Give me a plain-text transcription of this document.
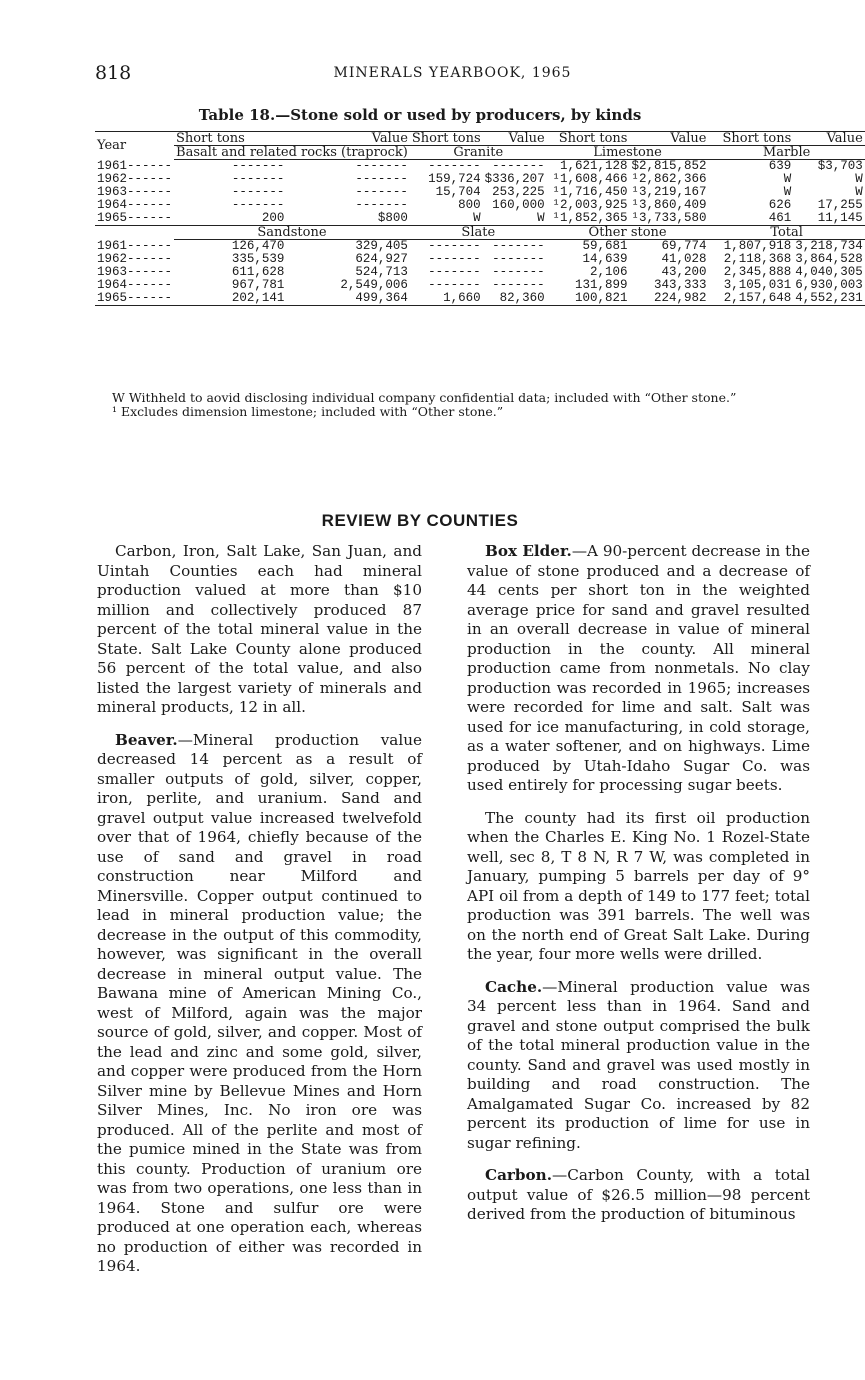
818	MINERALS YEARBOOK, 1965
Table 18.—Stone sold or used by producers, by kinds
Year	Short tons	Value	Short tons	Value	Short tons	Value	Short tons	Value
	Basalt and related rocks (traprock)		Granite		Limestone		Marble	
1961------	-------	-------	-------	-------	1,621,128	$2,815,852	639	$3,703
1962------	-------	-------	159,724	$336,207	¹1,608,466	¹2,862,366	W	W
1963------	-------	-------	15,704	253,225	¹1,716,450	¹3,219,167	W	W
1964------	-------	-------	800	160,000	¹2,003,925	¹3,860,409	626	17,255
1965------	200	$800	W	W	¹1,852,365	¹3,733,580	461	11,145
	Sandstone		Slate		Other stone		Total	
1961------	126,470	329,405	-------	-------	59,681	69,774	1,807,918	3,218,734
1962------	335,539	624,927	-------	-------	14,639	41,028	2,118,368	3,864,528
1963------	611,628	524,713	-------	-------	2,106	43,200	2,345,888	4,040,305
1964------	967,781	2,549,006	-------	-------	131,899	343,333	3,105,031	6,930,003
1965------	202,141	499,364	1,660	82,360	100,821	224,982	2,157,648	4,552,231
W Withheld to aovid disclosing individual company confidential data; included with “Other stone.”
¹ Excludes dimension limestone; included with “Other stone.”
REVIEW BY COUNTIES

Carbon, Iron, Salt Lake, San Juan, and Uintah Counties each had mineral production valued at more than $10 million and collectively produced 87 percent of the total mineral value in the State. Salt Lake County alone produced 56 percent of the total value, and also listed the largest variety of minerals and mineral products, 12 in all.

Beaver.—Mineral production value decreased 14 percent as a result of smaller outputs of gold, silver, copper, iron, perlite, and uranium. Sand and gravel output value increased twelvefold over that of 1964, chiefly because of the use of sand and gravel in road construction near Milford and Minersville. Copper output continued to lead in mineral production value; the decrease in the output of this commodity, however, was significant in the overall decrease in mineral output value. The Bawana mine of American Mining Co., west of Milford, again was the major source of gold, silver, and copper. Most of the lead and zinc and some gold, silver, and copper were produced from the Horn Silver mine by Bellevue Mines and Horn Silver Mines, Inc. No iron ore was produced. All of the perlite and most of the pumice mined in the State was from this county. Production of uranium ore was from two operations, one less than in 1964. Stone and sulfur ore were produced at one operation each, whereas no production of either was recorded in 1964.

Box Elder.—A 90-percent decrease in the value of stone produced and a decrease of 44 cents per short ton in the weighted average price for sand and gravel resulted in an overall decrease in value of mineral production in the county. All mineral production came from nonmetals. No clay production was recorded in 1965; increases were recorded for lime and salt. Salt was used for ice manufacturing, in cold storage, as a water softener, and on highways. Lime produced by Utah-Idaho Sugar Co. was used entirely for processing sugar beets.

The county had its first oil production when the Charles E. King No. 1 Rozel-State well, sec 8, T 8 N, R 7 W, was completed in January, pumping 5 barrels per day of 9° API oil from a depth of 149 to 177 feet; total production was 391 barrels. The well was on the north end of Great Salt Lake. During the year, four more wells were drilled.

Cache.—Mineral production value was 34 percent less than in 1964. Sand and gravel and stone output comprised the bulk of the total mineral production value in the county. Sand and gravel was used mostly in building and road construction. The Amalgamated Sugar Co. increased by 82 percent its production of lime for use in sugar refining.

Carbon.—Carbon County, with a total output value of $26.5 million—98 percent derived from the production of bituminous
